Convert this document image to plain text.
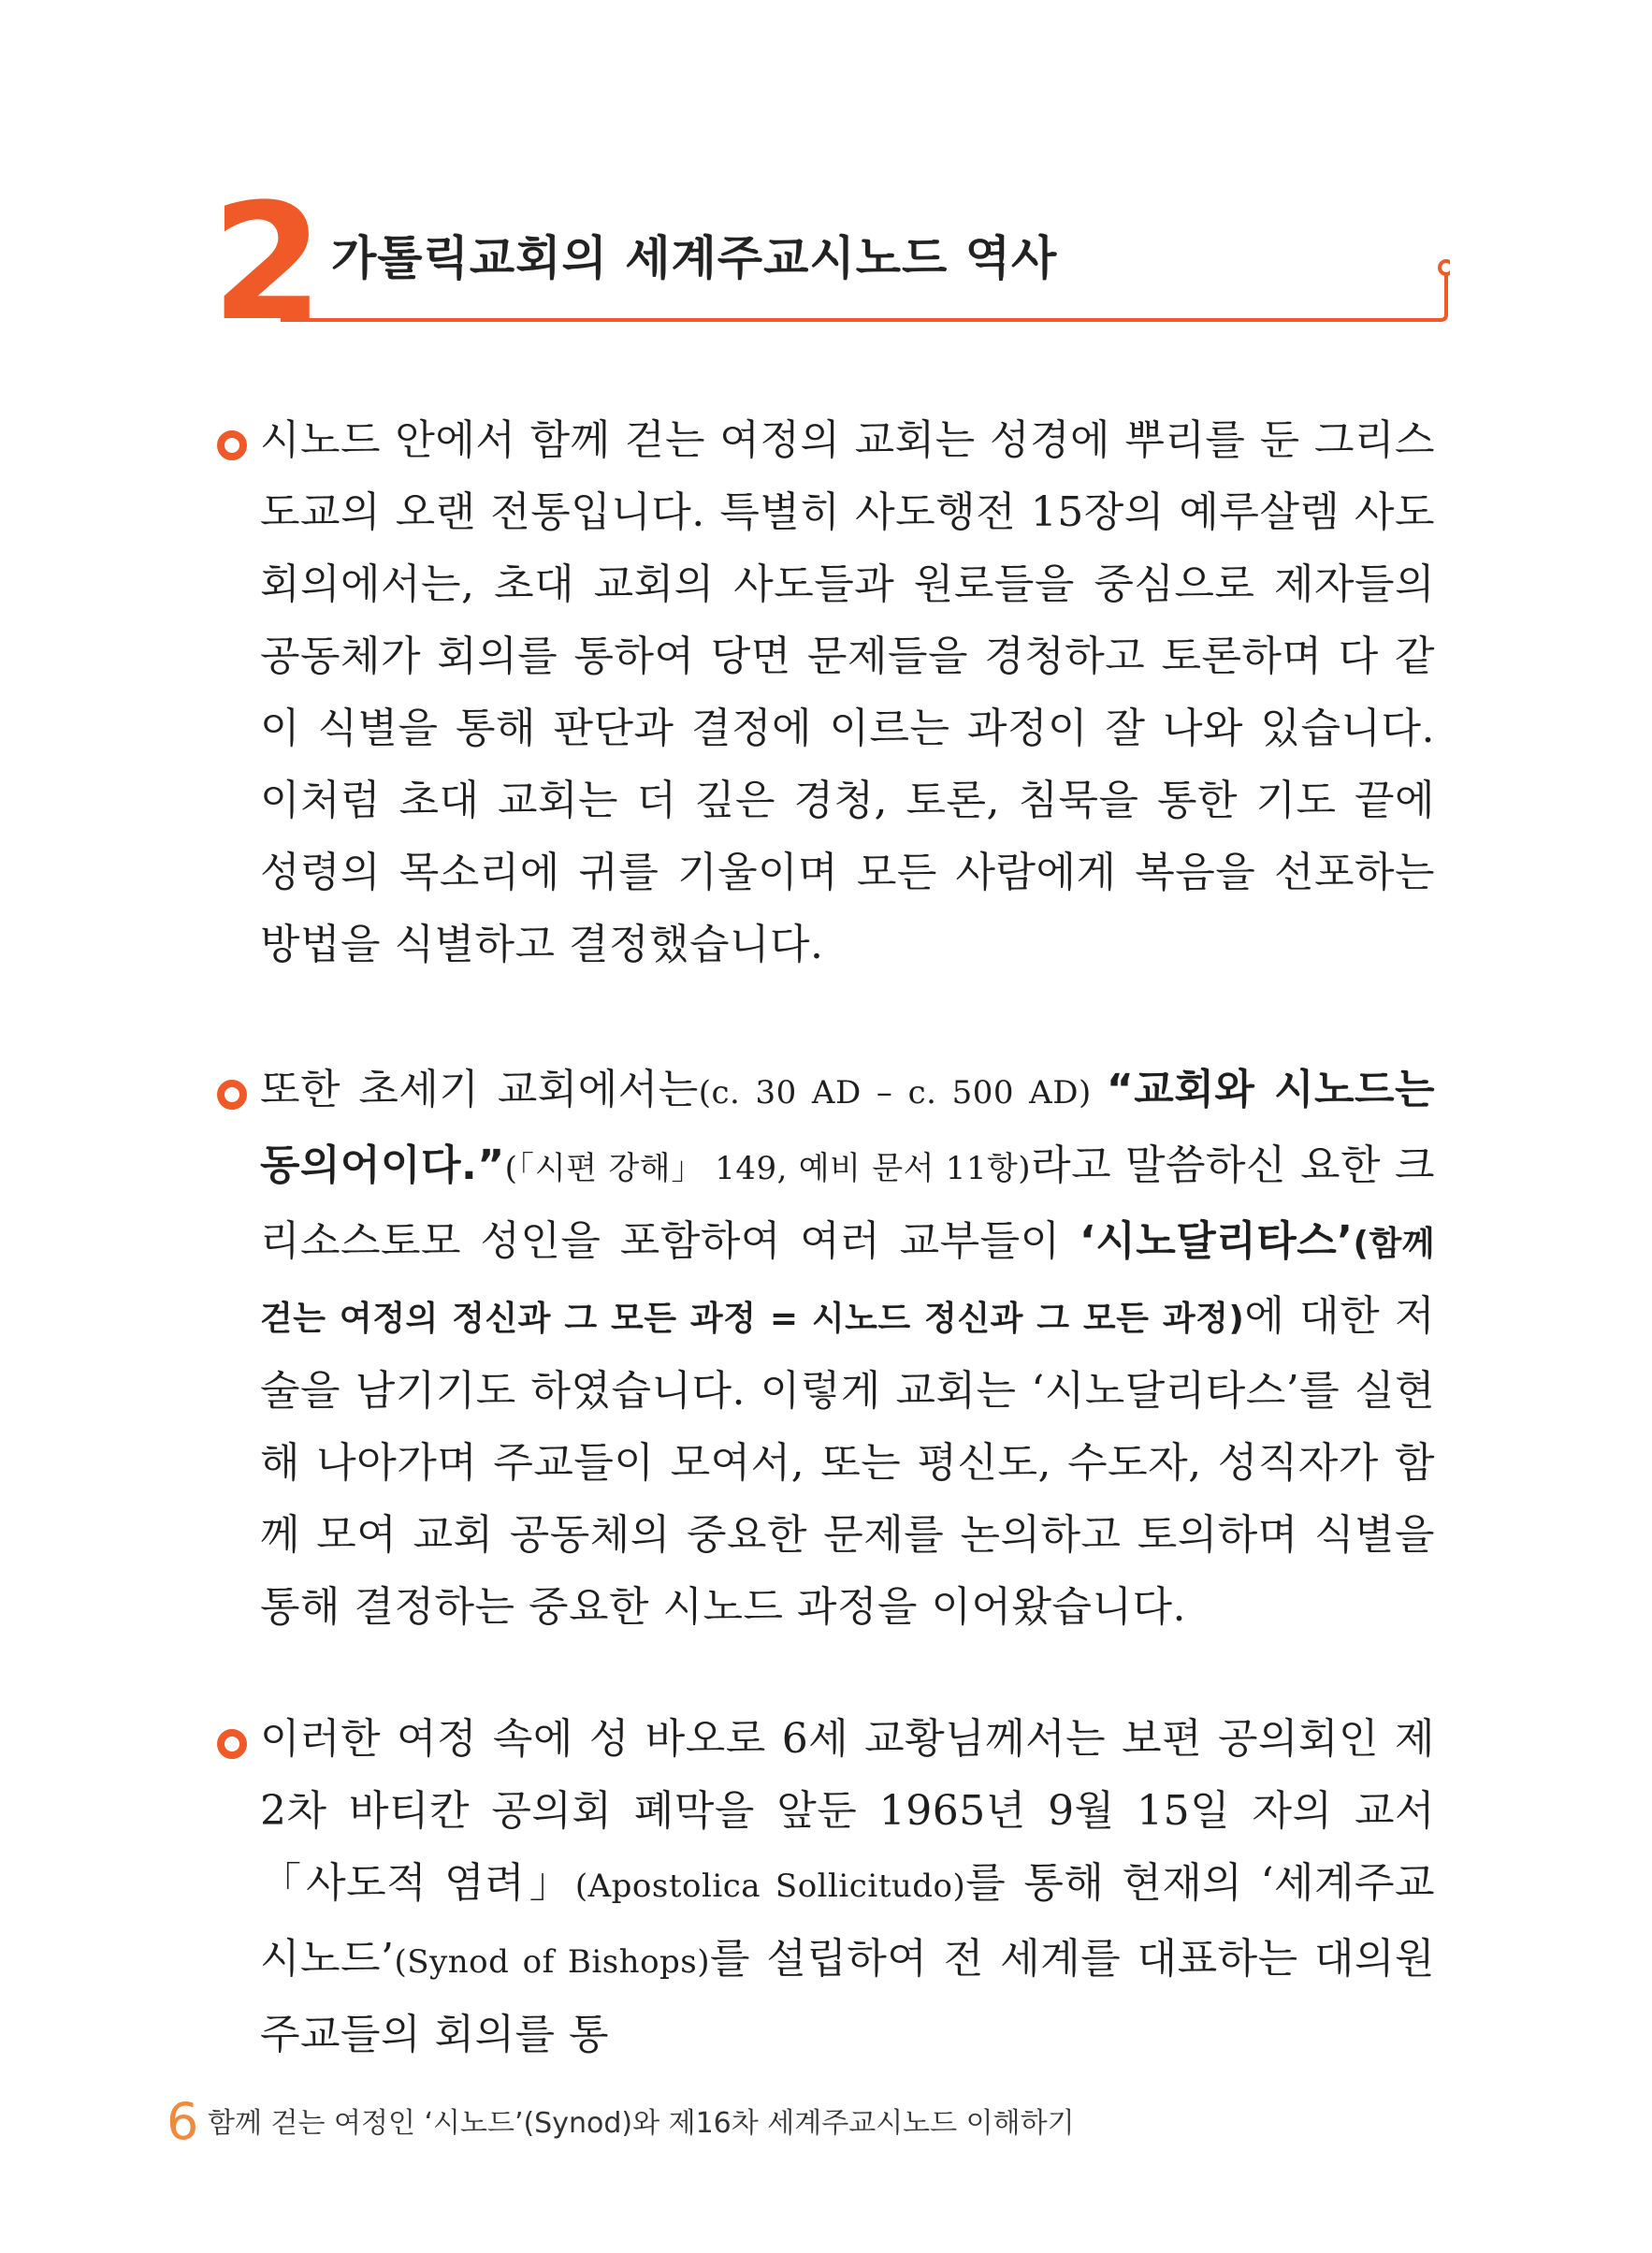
2 가톨릭교회의 세계주교시노드 역사

시노드 안에서 함께 걷는 여정의 교회는 성경에 뿌리를 둔 그리스도교의 오랜 전통입니다. 특별히 사도행전 15장의 예루살렘 사도 회의에서는, 초대 교회의 사도들과 원로들을 중심으로 제자들의 공동체가 회의를 통하여 당면 문제들을 경청하고 토론하며 다 같이 식별을 통해 판단과 결정에 이르는 과정이 잘 나와 있습니다. 이처럼 초대 교회는 더 깊은 경청, 토론, 침묵을 통한 기도 끝에 성령의 목소리에 귀를 기울이며 모든 사람에게 복음을 선포하는 방법을 식별하고 결정했습니다.

또한 초세기 교회에서는(c. 30 AD – c. 500 AD) “교회와 시노드는 동의어이다.”(「시편 강해」 149, 예비 문서 11항)라고 말씀하신 요한 크리소스토모 성인을 포함하여 여러 교부들이 ‘시노달리타스’(함께 걷는 여정의 정신과 그 모든 과정 = 시노드 정신과 그 모든 과정)에 대한 저술을 남기기도 하였습니다. 이렇게 교회는 ‘시노달리타스’를 실현해 나아가며 주교들이 모여서, 또는 평신도, 수도자, 성직자가 함께 모여 교회 공동체의 중요한 문제를 논의하고 토의하며 식별을 통해 결정하는 중요한 시노드 과정을 이어왔습니다.

이러한 여정 속에 성 바오로 6세 교황님께서는 보편 공의회인 제2차 바티칸 공의회 폐막을 앞둔 1965년 9월 15일 자의 교서 「사도적 염려」(Apostolica Sollicitudo)를 통해 현재의 ‘세계주교시노드’(Synod of Bishops)를 설립하여 전 세계를 대표하는 대의원 주교들의 회의를 통

6 함께 걷는 여정인 ‘시노드’(Synod)와 제16차 세계주교시노드 이해하기
